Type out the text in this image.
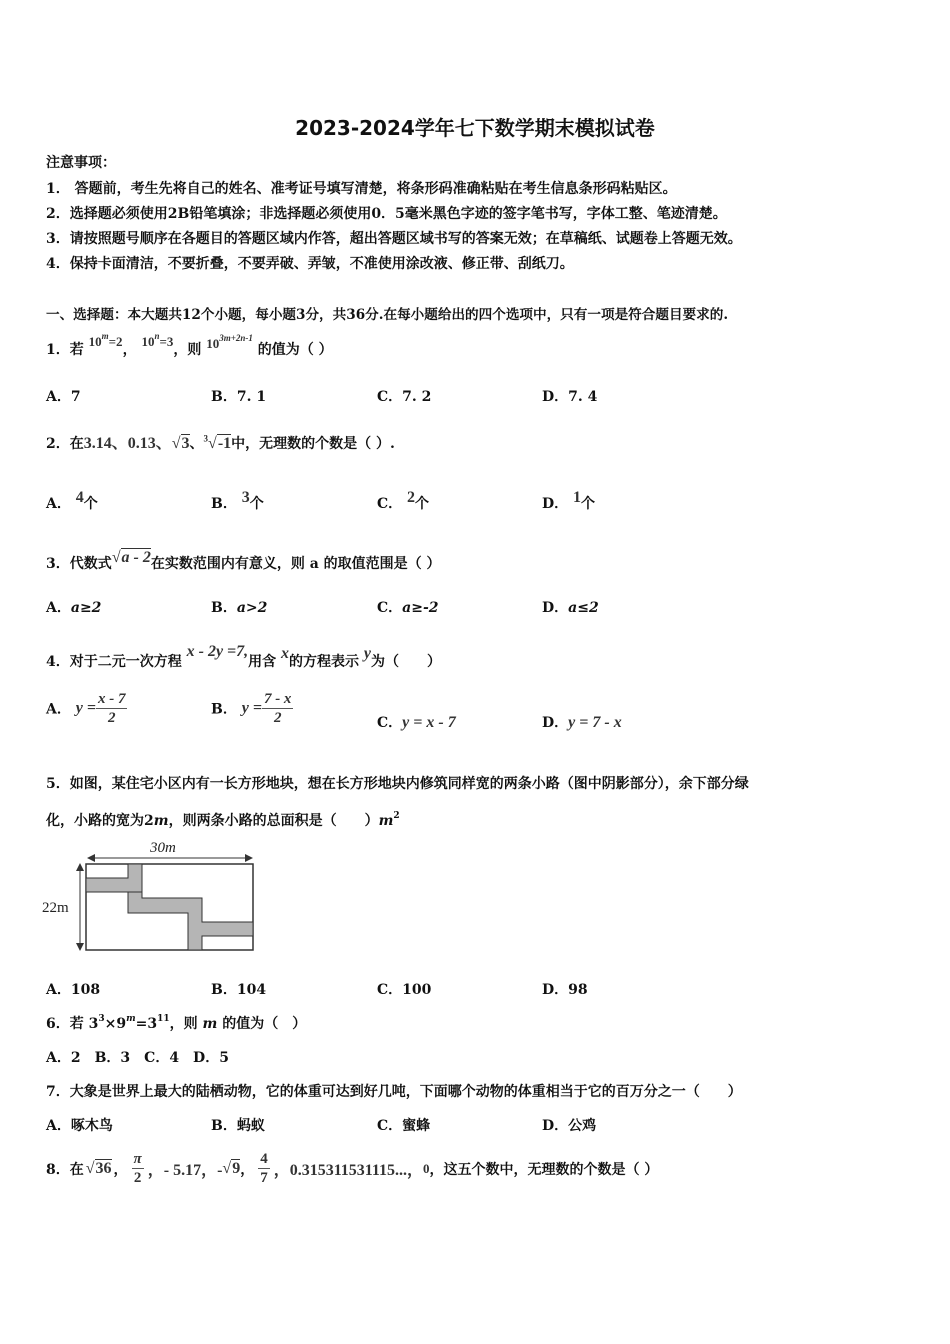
2023-2024学年七下数学期末模拟试卷
注意事项：
1． 答题前，考生先将自己的姓名、准考证号填写清楚，将条形码准确粘贴在考生信息条形码粘贴区。
2．选择题必须使用2B铅笔填涂；非选择题必须使用0．5毫米黑色字迹的签字笔书写，字体工整、笔迹清楚。
3．请按照题号顺序在各题目的答题区域内作答，超出答题区域书写的答案无效；在草稿纸、试题卷上答题无效。
4．保持卡面清洁，不要折叠，不要弄破、弄皱，不准使用涂改液、修正带、刮纸刀。
一、选择题：本大题共12个小题，每小题3分，共36分.在每小题给出的四个选项中，只有一项是符合题目要求的.
1．若 $10^m=2$， $10^n=3$，则 $10^{3m+2n-1}$ 的值为（ ）
A．7	B．7. 1	C．7. 2	D．7. 4
2．在3.14、0.13、√3、$^3$√-1中，无理数的个数是（ ）.
A． 4个	B． 3个	C． 2个	D． 1个
3．代数式√a - 2在实数范围内有意义，则 a 的取值范围是（ ）
A．a≥2	B．a>2	C．a≥-2	D．a≤2
4．对于二元一次方程 x - 2y =7,用含 x的方程表示 y为（　　）
A． $y = \frac{x - 7}{2}$	B． $y = \frac{7 - x}{2}$	C．y = x - 7	D．y = 7 - x
5．如图，某住宅小区内有一长方形地块，想在长方形地块内修筑同样宽的两条小路（图中阴影部分），余下部分绿
化，小路的宽为2m，则两条小路的总面积是（　　）$m^2$
30m
22m
A．108	B．104	C．100	D．98
6．若 $3^3\times 9^m=3^{11}$，则 m 的值为（　）
A．2　B．3　C．4　D．5
7．大象是世界上最大的陆栖动物，它的体重可达到好几吨，下面哪个动物的体重相当于它的百万分之一（　　）
A．啄木鸟	B．蚂蚁	C．蜜蜂	D．公鸡
8．在 √36 ， $\frac{\pi}{2}$ ，- 5.17，- √9 ， $\frac{4}{7}$ ，0.315311531115...， 0 ，这五个数中，无理数的个数是（ ）
